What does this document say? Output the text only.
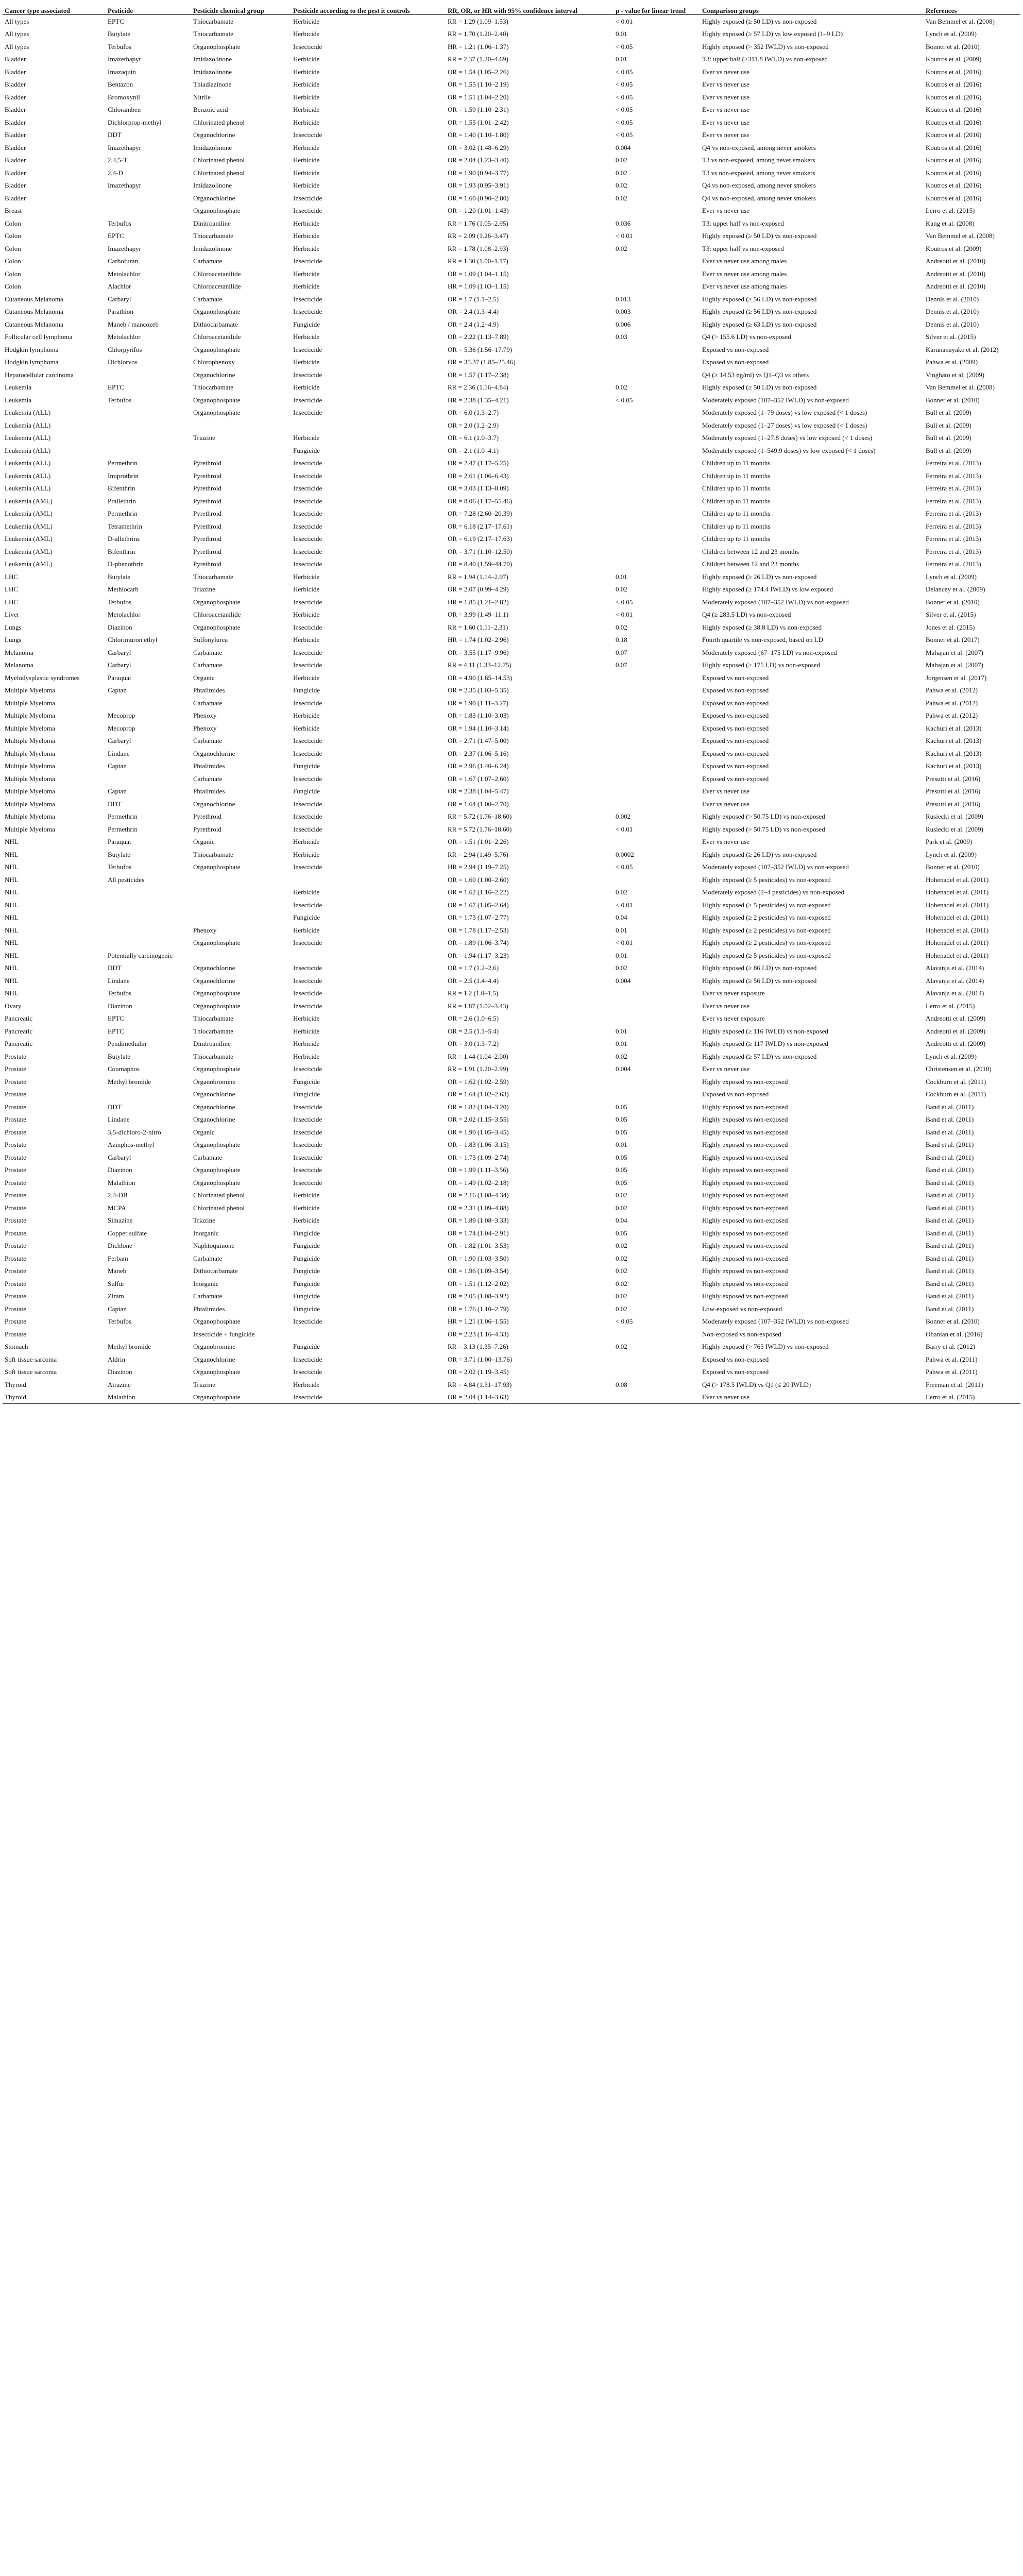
Cancer type associated	Pesticide	Pesticide chemical group	Pesticide according to the pest it controls	RR, OR, or HR with 95% confidence interval	p - value for linear trend	Comparison groups	References
All types	EPTC	Thiocarbamate	Herbicide	RR = 1.29 (1.09–1.53)	< 0.01	Highly exposed (≥ 50 LD) vs non-exposed	Van Bemmel et al. (2008)
All types	Butylate	Thiocarbamate	Herbicide	RR = 1.70 (1.20–2.40)	0.01	Highly exposed (≥ 57 LD) vs low exposed (1–9 LD)	Lynch et al. (2009)
All types	Terbufos	Organophosphate	Insecticide	HR = 1.21 (1.06–1.37)	< 0.05	Highly exposed (> 352 IWLD) vs non-exposed	Bonner et al. (2010)
Bladder	Imazethapyr	Imidazolinone	Herbicide	RR = 2.37 (1.20–4.69)	0.01	T3: upper half (≥311.8 IWLD) vs non-exposed	Koutros et al. (2009)
Bladder	Imazaquin	Imidazolinone	Herbicide	OR = 1.54 (1.05–2.26)	< 0.05	Ever vs never use	Koutros et al. (2016)
Bladder	Bentazon	Thiadiazinone	Herbicide	OR = 1.55 (1.10–2.19)	< 0.05	Ever vs never use	Koutros et al. (2016)
Bladder	Bromoxynil	Nitrile	Herbicide	OR = 1.51 (1.04–2.20)	< 0.05	Ever vs never use	Koutros et al. (2016)
Bladder	Chloramben	Benzoic acid	Herbicide	OR = 1.59 (1.10–2.31)	< 0.05	Ever vs never use	Koutros et al. (2016)
Bladder	Dichlorprop-methyl	Chlorinated phenol	Herbicide	OR = 1.55 (1.01–2.42)	< 0.05	Ever vs never use	Koutros et al. (2016)
Bladder	DDT	Organochlorine	Insecticide	OR = 1.40 (1.10–1.80)	< 0.05	Ever vs never use	Koutros et al. (2016)
Bladder	Imazethapyr	Imidazolinone	Herbicide	OR = 3.02 (1.48–6.29)	0.004	Q4 vs non-exposed, among never smokers	Koutros et al. (2016)
Bladder	2,4,5-T	Chlorinated phenol	Herbicide	OR = 2.04 (1.23–3.40)	0.02	T3 vs non-exposed, among never smokers	Koutros et al. (2016)
Bladder	2,4-D	Chlorinated phenol	Herbicide	OR = 1.90 (0.94–3.77)	0.02	T3 vs non-exposed, among never smokers	Koutros et al. (2016)
Bladder	Imazethapyr	Imidazolinone	Herbicide	OR = 1.93 (0.95–3.91)	0.02	Q4 vs non-exposed, among never smokers	Koutros et al. (2016)
Bladder		Organochlorine	Insecticide	OR = 1.60 (0.90–2.80)	0.02	Q4 vs non-exposed, among never smokers	Koutros et al. (2016)
Breast		Organophosphate	Insecticide	OR = 1.20 (1.01–1.43)		Ever vs never use	Lerro et al. (2015)
Colon	Terbufos	Dinitroaniline	Herbicide	RR = 1.76 (1.05–2.95)	0.036	T3: upper half vs non-exposed	Kang et al. (2008)
Colon	EPTC	Thiocarbamate	Herbicide	RR = 2.09 (1.26–3.47)	< 0.01	Highly exposed (≥ 50 LD) vs non-exposed	Van Bemmel et al. (2008)
Colon	Imazethapyr	Imidazolinone	Herbicide	RR = 1.78 (1.08–2.93)	0.02	T3: upper half vs non-exposed	Koutros et al. (2009)
Colon	Carbofuran	Carbamate	Insecticide	RR = 1.30 (1.00–1.17)		Ever vs never use among males	Andreotti et al. (2010)
Colon	Metolachlor	Chloroacetanilide	Herbicide	OR = 1.09 (1.04–1.15)		Ever vs never use among males	Andreotti et al. (2010)
Colon	Alachlor	Chloroacetanilide	Herbicide	HR = 1.09 (1.03–1.15)		Ever vs never use among males	Andreotti et al. (2010)
Cutaneous Melanoma	Carbaryl	Carbamate	Insecticide	OR = 1.7 (1.1–2.5)	0.013	Highly exposed (≥ 56 LD) vs non-exposed	Dennis et al. (2010)
Cutaneous Melanoma	Parathion	Organophosphate	Insecticide	OR = 2.4 (1.3–4.4)	0.003	Highly exposed (≥ 56 LD) vs non-exposed	Dennis et al. (2010)
Cutaneous Melanoma	Maneb / mancozeb	Dithiocarbamate	Fungicide	OR = 2.4 (1.2–4.9)	0.006	Highly exposed (≥ 63 LD) vs non-exposed	Dennis et al. (2010)
Follicular cell lymphoma	Metolachlor	Chloroacetanilide	Herbicide	OR = 2.22 (1.13–7.89)	0.03	Q4 (> 155.6 LD) vs non-exposed	Silver et al. (2015)
Hodgkin lymphoma	Chlorpyrifos	Organophosphate	Insecticide	OR = 5.36 (1.56–17.79)		Exposed vs non-exposed	Karunanayake et al. (2012)
Hodgkin lymphoma	Dichlorvos	Chlorophenoxy	Herbicide	OR = 35.37 (1.85–25.46)		Exposed vs non-exposed	Pahwa et al. (2009)
Hepatocellular carcinoma		Organochlorine	Insecticide	OR = 1.57 (1.17–2.38)		Q4 (≥ 14.53 ng/ml) vs Q1–Q3 vs others	Vinghato et al. (2009)
Leukemia	EPTC	Thiocarbamate	Herbicide	RR = 2.36 (1.16–4.84)	0.02	Highly exposed (≥ 50 LD) vs non-exposed	Van Bemmel et al. (2008)
Leukemia	Terbufos	Organophosphate	Insecticide	HR = 2.38 (1.35–4.21)	< 0.05	Moderately exposed (107–352 IWLD) vs non-exposed	Bonner et al. (2010)
Leukemia (ALL)		Organophosphate	Insecticide	OR = 6.0 (1.3–2.7)		Moderately exposed (1–79 doses) vs low exposed (< 1 doses)	Bull et al. (2009)
Leukemia (ALL)				OR = 2.0 (1.2–2.9)		Moderately exposed (1–27 doses) vs low exposed (< 1 doses)	Bull et al. (2009)
Leukemia (ALL)		Triazine	Herbicide	OR = 6.1 (1.0–3.7)		Moderately exposed (1–27.8 doses) vs low exposed (< 1 doses)	Bull et al. (2009)
Leukemia (ALL)			Fungicide	OR = 2.1 (1.0–4.1)		Moderately exposed (1–549.9 doses) vs low exposed (< 1 doses)	Bull et al. (2009)
Leukemia (ALL)	Permethrin	Pyrethroid	Insecticide	OR = 2.47 (1.17–5.25)		Children up to 11 months	Ferreira et al. (2013)
Leukemia (ALL)	Imiprothrin	Pyrethroid	Insecticide	OR = 2.61 (1.06–6.43)		Children up to 11 months	Ferreira et al. (2013)
Leukemia (ALL)	Bifenthrin	Pyrethroid	Insecticide	OR = 3.03 (1.13–8.09)		Children up to 11 months	Ferreira et al. (2013)
Leukemia (AML)	Prallethrin	Pyrethroid	Insecticide	OR = 8.06 (1.17–55.46)		Children up to 11 months	Ferreira et al. (2013)
Leukemia (AML)	Permethrin	Pyrethroid	Insecticide	OR = 7.28 (2.60–20.39)		Children up to 11 months	Ferreira et al. (2013)
Leukemia (AML)	Tetramethrin	Pyrethroid	Insecticide	OR = 6.18 (2.17–17.61)		Children up to 11 months	Ferreira et al. (2013)
Leukemia (AML)	D-allethrins	Pyrethroid	Insecticide	OR = 6.19 (2.17–17.63)		Children up to 11 months	Ferreira et al. (2013)
Leukemia (AML)	Bifenthrin	Pyrethroid	Insecticide	OR = 3.71 (1.10–12.50)		Children between 12 and 23 months	Ferreira et al. (2013)
Leukemia (AML)	D-phenothrin	Pyrethroid	Insecticide	OR = 8.40 (1.59–44.70)		Children between 12 and 23 months	Ferreira et al. (2013)
LHC	Butylate	Thiocarbamate	Herbicide	RR = 1.94 (1.14–2.97)	0.01	Highly exposed (≥ 26 LD) vs non-exposed	Lynch et al. (2009)
LHC	Methiocarb	Triazine	Herbicide	OR = 2.07 (0.99–4.29)	0.02	Highly exposed (≥ 174.4 IWLD) vs low exposed	Delancey et al. (2009)
LHC	Terbufos	Organophosphate	Insecticide	HR = 1.85 (1.21–2.82)	< 0.05	Moderately exposed (107–352 IWLD) vs non-exposed	Bonner et al. (2010)
Liver	Metolachlor	Chloroacetanilide	Herbicide	OR = 3.99 (1.49–11.1)	< 0.01	Q4 (≥ 283.5 LD) vs non-exposed	Silver et al. (2015)
Lungs	Diazinon	Organophosphate	Insecticide	RR = 1.60 (1.11–2.31)	0.02	Highly exposed (≥ 38.8 LD) vs non-exposed	Jones et al. (2015)
Lungs	Chlorimuron ethyl	Sulfonylurea	Herbicide	HR = 1.74 (1.02–2.96)	0.18	Fourth quartile vs non-exposed, based on LD	Bonner et al. (2017)
Melanoma	Carbaryl	Carbamate	Insecticide	OR = 3.55 (1.17–9.96)	0.07	Moderately exposed (67–175 LD) vs non-exposed	Mahajan et al. (2007)
Melanoma	Carbaryl	Carbamate	Insecticide	RR = 4.11 (1.33–12.75)	0.07	Highly exposed (> 175 LD) vs non-exposed	Mahajan et al. (2007)
Myelodysplastic syndromes	Paraquat	Organic	Herbicide	OR = 4.90 (1.65–14.53)		Exposed vs non-exposed	Jorgensen et al. (2017)
Multiple Myeloma	Captan	Phtalimides	Fungicide	OR = 2.35 (1.03–5.35)		Exposed vs non-exposed	Pahwa et al. (2012)
Multiple Myeloma		Carbamate	Insecticide	OR = 1.90 (1.11–3.27)		Exposed vs non-exposed	Pahwa et al. (2012)
Multiple Myeloma	Mecoprop	Phenoxy	Herbicide	OR = 1.83 (1.10–3.03)		Exposed vs non-exposed	Pahwa et al. (2012)
Multiple Myeloma	Mecoprop	Phenoxy	Herbicide	OR = 1.94 (1.10–3.14)		Exposed vs non-exposed	Kachuri et al. (2013)
Multiple Myeloma	Carbaryl	Carbamate	Insecticide	OR = 2.71 (1.47–5.00)		Exposed vs non-exposed	Kachuri et al. (2013)
Multiple Myeloma	Lindane	Organochlorine	Insecticide	OR = 2.37 (1.06–5.16)		Exposed vs non-exposed	Kachuri et al. (2013)
Multiple Myeloma	Captan	Phtalimides	Fungicide	OR = 2.96 (1.40–6.24)		Exposed vs non-exposed	Kachuri et al. (2013)
Multiple Myeloma		Carbamate	Insecticide	OR = 1.67 (1.07–2.60)		Exposed vs non-exposed	Presutti et al. (2016)
Multiple Myeloma	Captan	Phtalimides	Fungicide	OR = 2.38 (1.04–5.47)		Ever vs never use	Presutti et al. (2016)
Multiple Myeloma	DDT	Organochlorine	Insecticide	OR = 1.64 (1.00–2.70)		Ever vs never use	Presutti et al. (2016)
Multiple Myeloma	Permethrin	Pyrethroid	Insecticide	RR = 5.72 (1.76–18.60)	0.002	Highly exposed (> 50.75 LD) vs non-exposed	Rusiecki et al. (2009)
Multiple Myeloma	Permethrin	Pyrethroid	Insecticide	RR = 5.72 (1.76–18.60)	< 0.01	Highly exposed (> 50.75 LD) vs non-exposed	Rusiecki et al. (2009)
NHL	Paraquat	Organic	Herbicide	OR = 1.51 (1.01–2.26)		Ever vs never use	Park et al. (2009)
NHL	Butylate	Thiocarbamate	Herbicide	RR = 2.94 (1.49–5.76)	0.0002	Highly exposed (≥ 26 LD) vs non-exposed	Lynch et al. (2009)
NHL	Terbufos	Organophosphate	Insecticide	HR = 2.94 (1.19–7.25)	< 0.05	Moderately exposed (107–352 IWLD) vs non-exposed	Bonner et al. (2010)
NHL	All pesticides			OR = 1.60 (1.00–2.60)		Highly exposed (≥ 5 pesticides) vs non-exposed	Hohenadel et al. (2011)
NHL			Herbicide	OR = 1.62 (1.16–2.22)	0.02	Moderately exposed (2–4 pesticides) vs non-exposed	Hohenadel et al. (2011)
NHL			Insecticide	OR = 1.67 (1.05–2.64)	< 0.01	Highly exposed (≥ 5 pesticides) vs non-exposed	Hohenadel et al. (2011)
NHL			Fungicide	OR = 1.73 (1.07–2.77)	0.04	Highly exposed (≥ 2 pesticides) vs non-exposed	Hohenadel et al. (2011)
NHL		Phenoxy	Herbicide	OR = 1.78 (1.17–2.53)	0.01	Highly exposed (≥ 2 pesticides) vs non-exposed	Hohenadel et al. (2011)
NHL		Organophosphate	Insecticide	OR = 1.89 (1.06–3.74)	< 0.01	Highly exposed (≥ 2 pesticides) vs non-exposed	Hohenadel et al. (2011)
NHL	Potentially carcinogenic			OR = 1.94 (1.17–3.23)	0.01	Highly exposed (≥ 5 pesticides) vs non-exposed	Hohenadel et al. (2011)
NHL	DDT	Organochlorine	Insecticide	OR = 1.7 (1.2–2.6)	0.02	Highly exposed (≥ 86 LD) vs non-exposed	Alavanja et al. (2014)
NHL	Lindane	Organochlorine	Insecticide	OR = 2.5 (1.4–4.4)	0.004	Highly exposed (≥ 56 LD) vs non-exposed	Alavanja et al. (2014)
NHL	Terbufos	Organophosphate	Insecticide	RR = 1.2 (1.0–1.5)		Ever vs never exposure	Alavanja et al. (2014)
Ovary	Diazinon	Organophosphate	Insecticide	RR = 1.87 (1.02–3.43)		Ever vs never use	Lerro et al. (2015)
Pancreatic	EPTC	Thiocarbamate	Herbicide	OR = 2.6 (1.0–6.5)		Ever vs never exposure	Andreotti et al. (2009)
Pancreatic	EPTC	Thiocarbamate	Herbicide	OR = 2.5 (1.1–5.4)	0.01	Highly exposed (≥ 116 IWLD) vs non-exposed	Andreotti et al. (2009)
Pancreatic	Pendimethalin	Dinitroaniline	Herbicide	OR = 3.0 (1.3–7.2)	0.01	Highly exposed (≥ 117 IWLD) vs non-exposed	Andreotti et al. (2009)
Prostate	Butylate	Thiocarbamate	Herbicide	RR = 1.44 (1.04–2.00)	0.02	Highly exposed (≥ 57 LD) vs non-exposed	Lynch et al. (2009)
Prostate	Coumaphos	Organophosphate	Insecticide	RR = 1.91 (1.20–2.99)	0.004	Ever vs never use	Christensen et al. (2010)
Prostate	Methyl bromide	Organobromine	Fungicide	OR = 1.62 (1.02–2.59)		Highly exposed vs non-exposed	Cockburn et al. (2011)
Prostate		Organochlorine	Fungicide	OR = 1.64 (1.02–2.63)		Exposed vs non-exposed	Cockburn et al. (2011)
Prostate	DDT	Organochlorine	Insecticide	OR = 1.82 (1.04–3.20)	0.05	Highly exposed vs non-exposed	Band et al. (2011)
Prostate	Lindane	Organochlorine	Insecticide	OR = 2.02 (1.15–3.55)	0.05	Highly exposed vs non-exposed	Band et al. (2011)
Prostate	3,5-dichloro-2-nitro	Organic	Insecticide	OR = 1.90 (1.05–3.45)	0.05	Highly exposed vs non-exposed	Band et al. (2011)
Prostate	Azinphos-methyl	Organophosphate	Insecticide	OR = 1.83 (1.06–3.15)	0.01	Highly exposed vs non-exposed	Band et al. (2011)
Prostate	Carbaryl	Carbamate	Insecticide	OR = 1.73 (1.09–2.74)	0.05	Highly exposed vs non-exposed	Band et al. (2011)
Prostate	Diazinon	Organophosphate	Insecticide	OR = 1.99 (1.11–3.56)	0.05	Highly exposed vs non-exposed	Band et al. (2011)
Prostate	Malathion	Organophosphate	Insecticide	OR = 1.49 (1.02–2.18)	0.05	Highly exposed vs non-exposed	Band et al. (2011)
Prostate	2,4-DB	Chlorinated phenol	Herbicide	OR = 2.16 (1.08–4.34)	0.02	Highly exposed vs non-exposed	Band et al. (2011)
Prostate	MCPA	Chlorinated phenol	Herbicide	OR = 2.31 (1.09–4.88)	0.02	Highly exposed vs non-exposed	Band et al. (2011)
Prostate	Simazine	Triazine	Herbicide	OR = 1.89 (1.08–3.33)	0.04	Highly exposed vs non-exposed	Band et al. (2011)
Prostate	Copper sulfate	Inorganic	Fungicide	OR = 1.74 (1.04–2.91)	0.05	Highly exposed vs non-exposed	Band et al. (2011)
Prostate	Dichlone	Naphtoquinone	Fungicide	OR = 1.82 (1.01–3.53)	0.02	Highly exposed vs non-exposed	Band et al. (2011)
Prostate	Ferbam	Carbamate	Fungicide	OR = 1.90 (1.03–3.50)	0.02	Highly exposed vs non-exposed	Band et al. (2011)
Prostate	Maneb	Dithiocarbamate	Fungicide	OR = 1.96 (1.09–3.54)	0.02	Highly exposed vs non-exposed	Band et al. (2011)
Prostate	Sulfur	Inorganic	Fungicide	OR = 1.51 (1.12–2.02)	0.02	Highly exposed vs non-exposed	Band et al. (2011)
Prostate	Ziram	Carbamate	Fungicide	OR = 2.05 (1.08–3.92)	0.02	Highly exposed vs non-exposed	Band et al. (2011)
Prostate	Captan	Phtalimides	Fungicide	OR = 1.76 (1.10–2.79)	0.02	Low-exposed vs non-exposed	Band et al. (2011)
Prostate	Terbufos	Organophosphate	Insecticide	HR = 1.21 (1.06–1.55)	< 0.05	Moderately exposed (107–352 IWLD) vs non-exposed	Bonner et al. (2010)
Prostate		Insecticide + fungicide		OR = 2.23 (1.16–4.33)		Non-exposed vs non-exposed	Ohanian et al. (2016)
Stomach	Methyl bromide	Organobromine	Fungicide	RR = 3.13 (1.35–7.26)	0.02	Highly exposed (> 765 IWLD) vs non-exposed	Barry et al. (2012)
Soft tissue sarcoma	Aldrin	Organochlorine	Insecticide	OR = 3.71 (1.00–13.76)		Exposed vs non-exposed	Pahwa et al. (2011)
Soft tissue sarcoma	Diazinon	Organophosphate	Insecticide	OR = 2.02 (1.19–3.45)		Exposed vs non-exposed	Pahwa et al. (2011)
Thyroid	Atrazine	Triazine	Herbicide	RR = 4.84 (1.31–17.93)	0.08	Q4 (> 178.5 IWLD) vs Q1 (≤ 20 IWLD)	Freeman et al. (2011)
Thyroid	Malathion	Organophosphate	Insecticide	OR = 2.04 (1.14–3.63)		Ever vs never use	Lerro et al. (2015)
